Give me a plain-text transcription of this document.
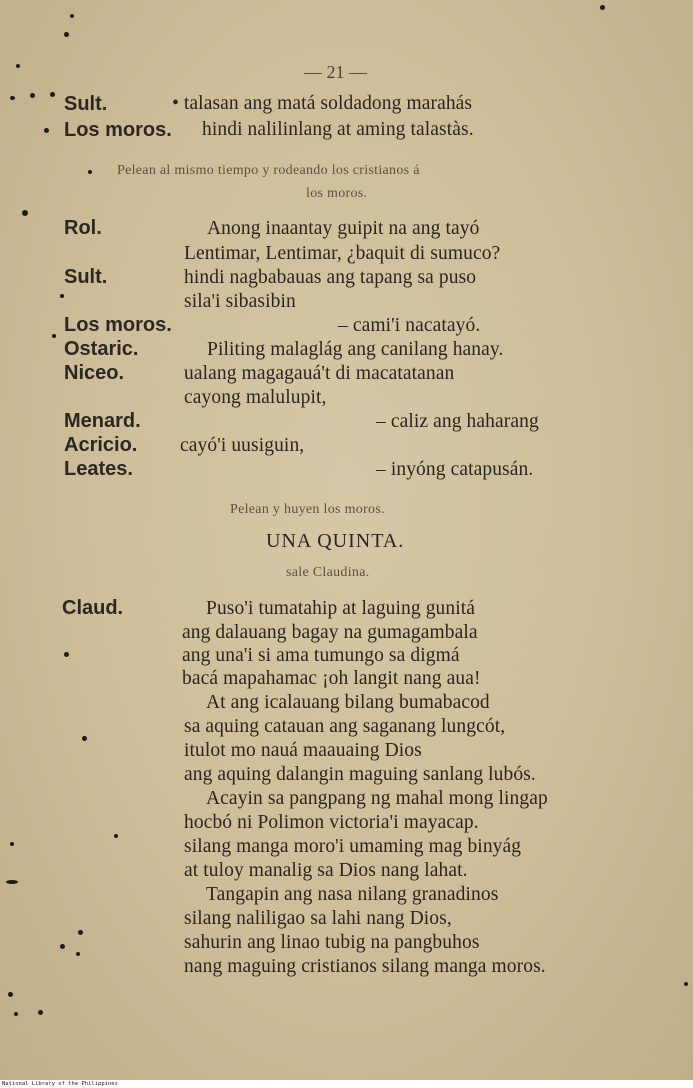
— 21 —
Sult.	• talasan ang matá soldadong marahás
Los moros. hindi nalilinlang at aming talastàs.
Pelean al mismo tiempo y rodeando los cristianos á
los moros.
Rol.	Anong inaantay guipit na ang tayó
Lentimar, Lentimar, ¿baquit di sumuco?
Sult.	hindi nagbabauas ang tapang sa puso
sila'i sibasibin
Los moros.	– cami'i nacatayó.
Ostaric.	Piliting malaglág ang canilang hanay.
Niceo.	ualang magagauá't di macatatanan
cayong malulupit,
Menard.	– caliz ang haharang
Acricio. cayó'i uusiguin,
Leates.	– inyóng catapusán.
Pelean y huyen los moros.
UNA QUINTA.
sale Claudina.
Claud.	Puso'i tumatahip at laguing gunitá
ang dalauang bagay na gumagambala
ang una'i si ama tumungo sa digmá
bacá mapahamac ¡oh langit nang aua!
At ang icalauang bilang bumabacod
sa aquing catauan ang saganang lungcót,
itulot mo nauá maauaing Dios
ang aquing dalangin maguing sanlang lubós.
Acayin sa pangpang ng mahal mong lingap
hocbó ni Polimon victoria'i mayacap.
silang manga moro'i umaming mag binyág
at tuloy manalig sa Dios nang lahat.
Tangapin ang nasa nilang granadinos
silang naliligao sa lahi nang Dios,
sahurin ang linao tubig na pangbuhos
nang maguing cristianos silang manga moros.
National Library of the Philippines
